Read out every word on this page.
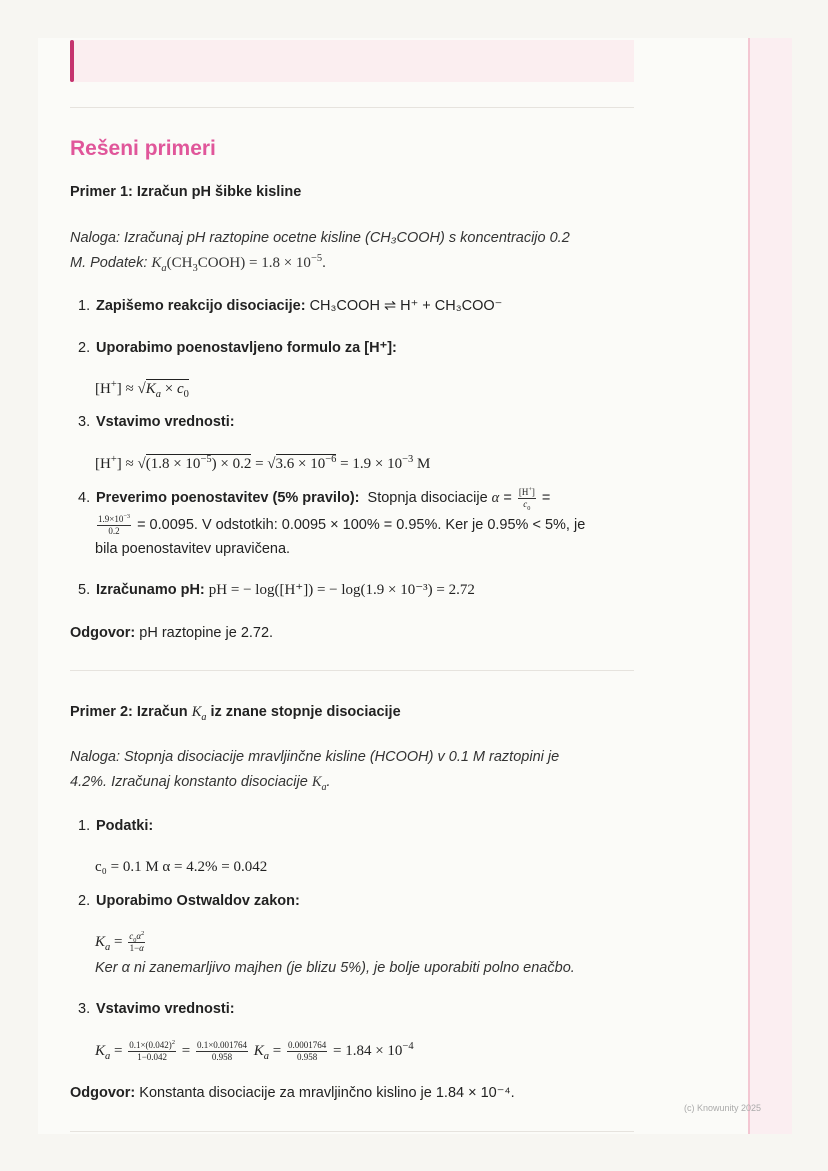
Rešeni primeri
Primer 1: Izračun pH šibke kisline
Naloga: Izračunaj pH raztopine ocetne kisline (CH₃COOH) s koncentracijo 0.2
M. Podatek: $K_a(CH_3COOH) = 1.8 \times 10^{-5}$.
1. Zapišemo reakcijo disociacije: CH₃COOH ⇌ H⁺ + CH₃COO⁻
2. Uporabimo poenostavljeno formulo za [H⁺]:
$[H^+] \approx √K_a \times c_0$
3. Vstavimo vrednosti:
$[H^+] \approx √(1.8 \times 10^{-5}) \times 0.2 = √3.6 \times 10^{-6} = 1.9 \times 10^{-3}$ M
4. Preverimo poenostavitev (5% pravilo): Stopnja disociacije $\alpha = \frac{[H^+]}{c_0}$ =
$\frac{1.9\times 10^{-3}}{0.2} = 0.0095$. V odstotkih: 0.0095 × 100% = 0.95%. Ker je 0.95% < 5%, je
bila poenostavitev upravičena.
5. Izračunamo pH: pH = − log([H⁺]) = − log(1.9 × 10⁻³) = 2.72
Odgovor: pH raztopine je 2.72.
Primer 2: Izračun $K_a$ iz znane stopnje disociacije
Naloga: Stopnja disociacije mravljinčne kisline (HCOOH) v 0.1 M raztopini je
4.2%. Izračunaj konstanto disociacije $K_a$.
1. Podatki:
c₀ = 0.1 M α = 4.2% = 0.042
2. Uporabimo Ostwaldov zakon:
$K_a = \frac{c_0\alpha^2}{1-\alpha}$
Ker α ni zanemarljivo majhen (je blizu 5%), je bolje uporabiti polno enačbo.
3. Vstavimo vrednosti:
$K_a = \frac{0.1\times(0.042)^2}{1-0.042} = \frac{0.1\times 0.001764}{0.958} K_a = \frac{0.0001764}{0.958} = 1.84 \times 10^{-4}$
Odgovor: Konstanta disociacije za mravljinčno kislino je 1.84 × 10⁻⁴.
(c) Knowunity 2025
